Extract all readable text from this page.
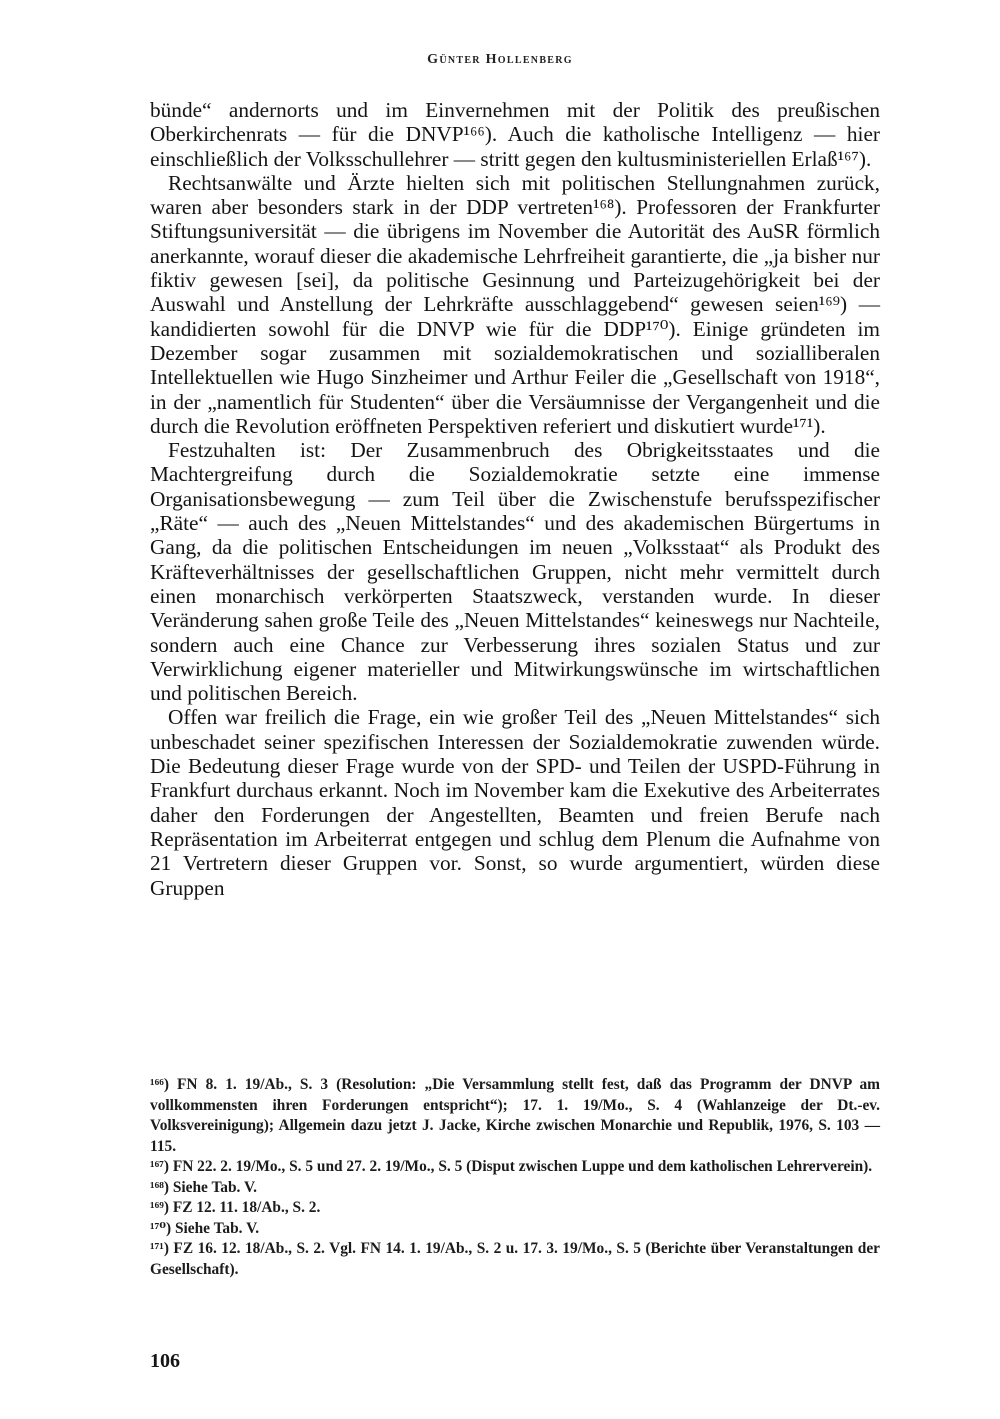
Günter Hollenberg

bünde“ andernorts und im Einvernehmen mit der Politik des preußischen Oberkirchenrats — für die DNVP¹⁶⁶). Auch die katholische Intelligenz — hier einschließlich der Volksschullehrer — stritt gegen den kultusministeriellen Erlaß¹⁶⁷).

Rechtsanwälte und Ärzte hielten sich mit politischen Stellungnahmen zurück, waren aber besonders stark in der DDP vertreten¹⁶⁸). Professoren der Frankfurter Stiftungsuniversität — die übrigens im November die Autorität des AuSR förmlich anerkannte, worauf dieser die akademische Lehrfreiheit garantierte, die „ja bisher nur fiktiv gewesen [sei], da politische Gesinnung und Parteizugehörigkeit bei der Auswahl und Anstellung der Lehrkräfte ausschlaggebend“ gewesen seien¹⁶⁹) — kandidierten sowohl für die DNVP wie für die DDP¹⁷⁰). Einige gründeten im Dezember sogar zusammen mit sozialdemokratischen und sozialliberalen Intellektuellen wie Hugo Sinzheimer und Arthur Feiler die „Gesellschaft von 1918“, in der „namentlich für Studenten“ über die Versäumnisse der Vergangenheit und die durch die Revolution eröffneten Perspektiven referiert und diskutiert wurde¹⁷¹).

Festzuhalten ist: Der Zusammenbruch des Obrigkeitsstaates und die Machtergreifung durch die Sozialdemokratie setzte eine immense Organisationsbewegung — zum Teil über die Zwischenstufe berufsspezifischer „Räte“ — auch des „Neuen Mittelstandes“ und des akademischen Bürgertums in Gang, da die politischen Entscheidungen im neuen „Volksstaat“ als Produkt des Kräfteverhältnisses der gesellschaftlichen Gruppen, nicht mehr vermittelt durch einen monarchisch verkörperten Staatszweck, verstanden wurde. In dieser Veränderung sahen große Teile des „Neuen Mittelstandes“ keineswegs nur Nachteile, sondern auch eine Chance zur Verbesserung ihres sozialen Status und zur Verwirklichung eigener materieller und Mitwirkungswünsche im wirtschaftlichen und politischen Bereich.

Offen war freilich die Frage, ein wie großer Teil des „Neuen Mittelstandes“ sich unbeschadet seiner spezifischen Interessen der Sozialdemokratie zuwenden würde. Die Bedeutung dieser Frage wurde von der SPD- und Teilen der USPD-Führung in Frankfurt durchaus erkannt. Noch im November kam die Exekutive des Arbeiterrates daher den Forderungen der Angestellten, Beamten und freien Berufe nach Repräsentation im Arbeiterrat entgegen und schlug dem Plenum die Aufnahme von 21 Vertretern dieser Gruppen vor. Sonst, so wurde argumentiert, würden diese Gruppen

¹⁶⁶) FN 8. 1. 19/Ab., S. 3 (Resolution: „Die Versammlung stellt fest, daß das Programm der DNVP am vollkommensten ihren Forderungen entspricht“); 17. 1. 19/Mo., S. 4 (Wahlanzeige der Dt.-ev. Volksvereinigung); Allgemein dazu jetzt J. Jacke, Kirche zwischen Monarchie und Republik, 1976, S. 103 — 115.

¹⁶⁷) FN 22. 2. 19/Mo., S. 5 und 27. 2. 19/Mo., S. 5 (Disput zwischen Luppe und dem katholischen Lehrerverein).

¹⁶⁸) Siehe Tab. V.

¹⁶⁹) FZ 12. 11. 18/Ab., S. 2.

¹⁷⁰) Siehe Tab. V.

¹⁷¹) FZ 16. 12. 18/Ab., S. 2. Vgl. FN 14. 1. 19/Ab., S. 2 u. 17. 3. 19/Mo., S. 5 (Berichte über Veranstaltungen der Gesellschaft).

106
